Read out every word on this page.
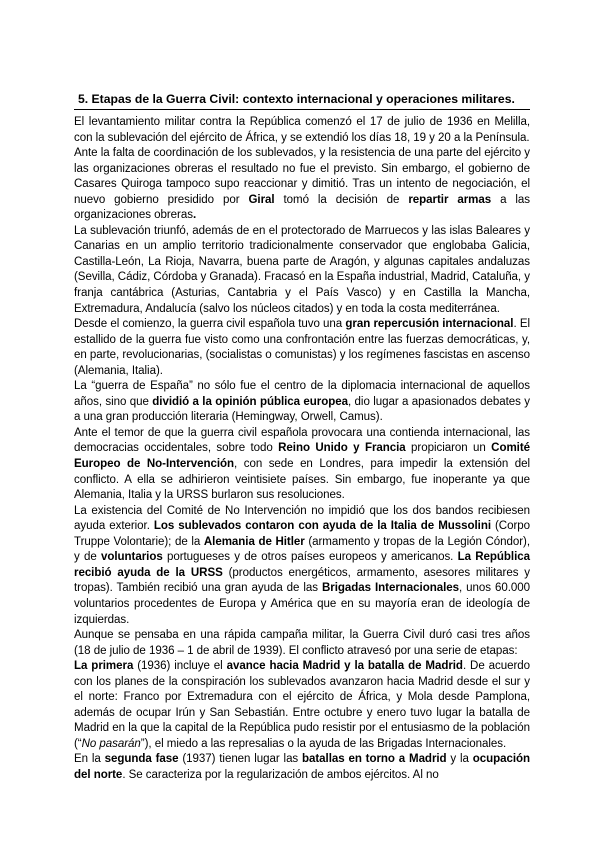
5. Etapas de la Guerra Civil: contexto internacional y operaciones militares.

El levantamiento militar contra la República comenzó el 17 de julio de 1936 en Melilla, con la sublevación del ejército de África, y se extendió los días 18, 19 y 20 a la Península.

Ante la falta de coordinación de los sublevados, y la resistencia de una parte del ejército y las organizaciones obreras el resultado no fue el previsto. Sin embargo, el gobierno de Casares Quiroga tampoco supo reaccionar y dimitió. Tras un intento de negociación, el nuevo gobierno presidido por Giral tomó la decisión de repartir armas a las organizaciones obreras.

La sublevación triunfó, además de en el protectorado de Marruecos y las islas Baleares y Canarias en un amplio territorio tradicionalmente conservador que englobaba Galicia, Castilla-León, La Rioja, Navarra, buena parte de Aragón, y algunas capitales andaluzas (Sevilla, Cádiz, Córdoba y Granada). Fracasó en la España industrial, Madrid, Cataluña, y franja cantábrica (Asturias, Cantabria y el País Vasco) y en Castilla la Mancha, Extremadura, Andalucía (salvo los núcleos citados) y en toda la costa mediterránea.

Desde el comienzo, la guerra civil española tuvo una gran repercusión internacional. El estallido de la guerra fue visto como una confrontación entre las fuerzas democráticas, y, en parte, revolucionarias, (socialistas o comunistas) y los regímenes fascistas en ascenso (Alemania, Italia).

La “guerra de España” no sólo fue el centro de la diplomacia internacional de aquellos años, sino que dividió a la opinión pública europea, dio lugar a apasionados debates y a una gran producción literaria (Hemingway, Orwell, Camus).

Ante el temor de que la guerra civil española provocara una contienda internacional, las democracias occidentales, sobre todo Reino Unido y Francia propiciaron un Comité Europeo de No-Intervención, con sede en Londres, para impedir la extensión del conflicto. A ella se adhirieron veintisiete países. Sin embargo, fue inoperante ya que Alemania, Italia y la URSS burlaron sus resoluciones.

La existencia del Comité de No Intervención no impidió que los dos bandos recibiesen ayuda exterior. Los sublevados contaron con ayuda de la Italia de Mussolini (Corpo Truppe Volontarie); de la Alemania de Hitler (armamento y tropas de la Legión Cóndor), y de voluntarios portugueses y de otros países europeos y americanos. La República recibió ayuda de la URSS (productos energéticos, armamento, asesores militares y tropas). También recibió una gran ayuda de las Brigadas Internacionales, unos 60.000 voluntarios procedentes de Europa y América que en su mayoría eran de ideología de izquierdas.

Aunque se pensaba en una rápida campaña militar, la Guerra Civil duró casi tres años (18 de julio de 1936 – 1 de abril de 1939). El conflicto atravesó por una serie de etapas:

La primera (1936) incluye el avance hacia Madrid y la batalla de Madrid. De acuerdo con los planes de la conspiración los sublevados avanzaron hacia Madrid desde el sur y el norte: Franco por Extremadura con el ejército de África, y Mola desde Pamplona, además de ocupar Irún y San Sebastián. Entre octubre y enero tuvo lugar la batalla de Madrid en la que la capital de la República pudo resistir por el entusiasmo de la población (“No pasarán”), el miedo a las represalias o la ayuda de las Brigadas Internacionales.

En la segunda fase (1937) tienen lugar las batallas en torno a Madrid y la ocupación del norte. Se caracteriza por la regularización de ambos ejércitos. Al no
